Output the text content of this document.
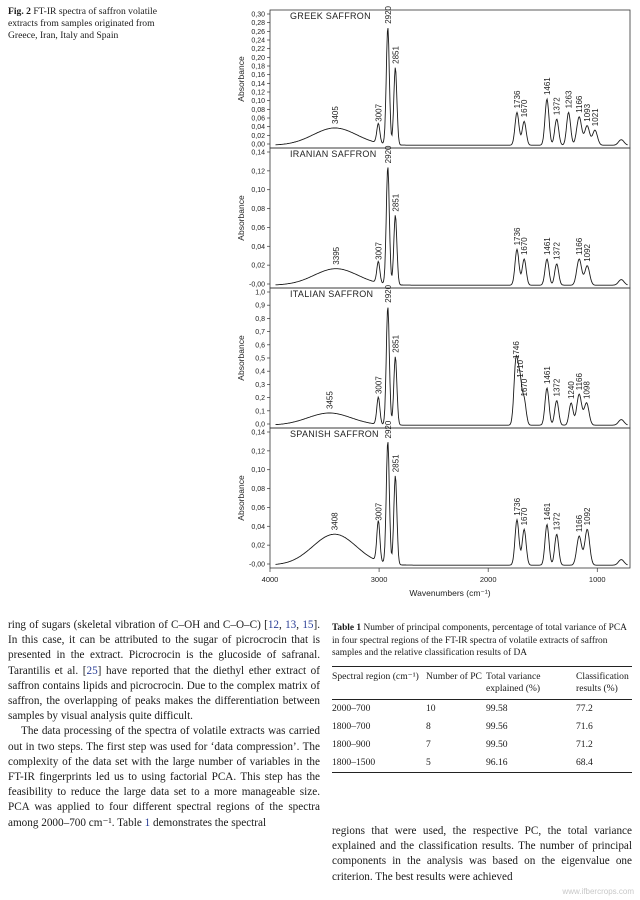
Fig. 2 FT-IR spectra of saffron volatile extracts from samples originated from Greece, Iran, Italy and Spain
0,30
0,28
0,26
0,24
0,22
0,20
0,18
0,16
0,14
0,12
0,10
0,08
0,06
0,04
0,02
0,00
Absorbance
GREEK SAFFRON
3405	3007
2920
2851
1736
1670
1461
1372 1263 1166
1093
1021
0,14
0,12
0,10
0,08
0,06
0,04
0,02
-0,00
Absorbance
IRANIAN SAFFRON
3395	3007
2920
2851
1736
1670 1461 1372 1166 1092
1,0
0,9
0,8
0,7
0,6
0,5
0,4
0,3
0,2
0,1
0,0
Absorbance
ITALIAN SAFFRON
3455
3007
2920
2851	1746
1710
1670
1461
1372 1240 1166
1098
0,14
0,12
0,10
0,08
0,06
0,04
0,02
-0,00
Absorbance
SPANISH SAFFRON
3408
3007
2920
2851
1736
1670 1461
1372 1166 1092
4000	3000	2000	1000
Wavenumbers (cm⁻¹)

ring of sugars (skeletal vibration of C–OH and C–O–C) [12, 13, 15]. In this case, it can be attributed to the sugar of picrocrocin that is presented in the extract. Picrocrocin is the glucoside of safranal. Tarantilis et al. [25] have reported that the diethyl ether extract of saffron contains lipids and picrocrocin. Due to the complex matrix of saffron, the overlapping of peaks makes the differentiation between samples by visual analysis quite difficult.

The data processing of the spectra of volatile extracts was carried out in two steps. The first step was used for ‘data compression’. The complexity of the data set with the large number of variables in the FT-IR fingerprints led us to using factorial PCA. This step has the feasibility to reduce the large data set to a more manageable size. PCA was applied to four different spectral regions of the spectra among 2000–700 cm⁻¹. Table 1 demonstrates the spectral

Table 1 Number of principal components, percentage of total variance of PCA in four spectral regions of the FT-IR spectra of volatile extracts of saffron samples and the relative classification results of DA

Spectral region (cm⁻¹)	Number of PC	Total variance explained (%)	Classification results (%)
2000–700	10	99.58	77.2
1800–700	8	99.56	71.6
1800–900	7	99.50	71.2
1800–1500	5	96.16	68.4

regions that were used, the respective PC, the total variance explained and the classification results. The number of principal components in the analysis was based on the eigenvalue one criterion. The best results were achieved

www.ifbercrops.com
